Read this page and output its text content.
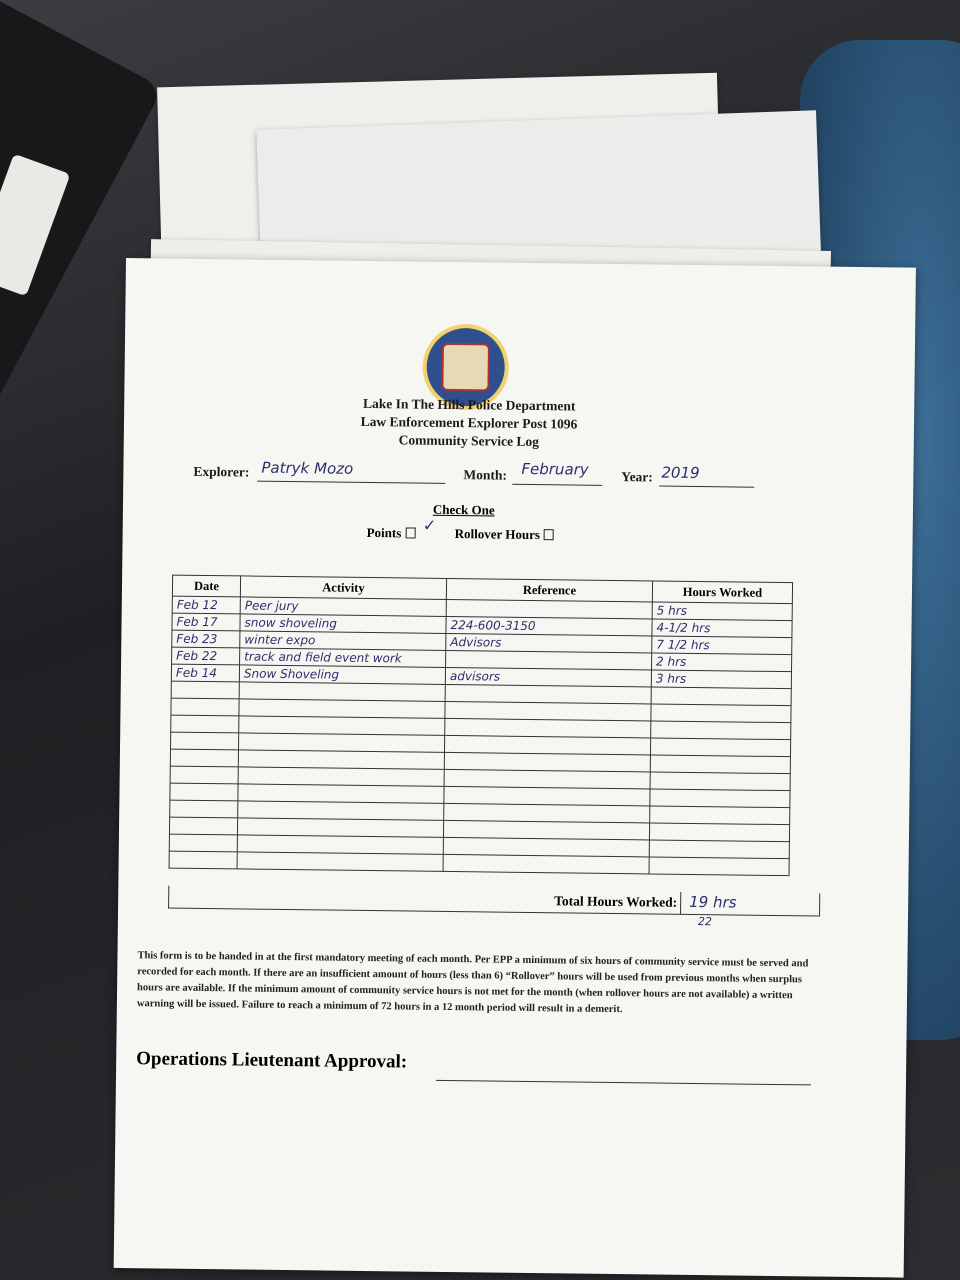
Lake In The Hills Police Department
Law Enforcement Explorer Post 1096
Community Service Log
Explorer: Patryk Mozo	Month: February Year: 2019
Check One
Points	✓ Rollover Hours
Date	Activity	Reference	Hours Worked
Feb 12	Peer jury		5 hrs
Feb 17	snow shoveling	224-600-3150	4-1/2 hrs
Feb 23	winter expo	Advisors	7 1/2 hrs
Feb 22	track and field event work		2 hrs
Feb 14	Snow Shoveling	advisors	3 hrs

Total Hours Worked: 19 hrs
22
This form is to be handed in at the first mandatory meeting of each month. Per EPP a minimum of six hours of community service must be served and recorded for each month. If there are an insufficient amount of hours (less than 6) “Rollover” hours will be used from previous months when surplus hours are available. If the minimum amount of community service hours is not met for the month (when rollover hours are not available) a written warning will be issued. Failure to reach a minimum of 72 hours in a 12 month period will result in a demerit.
Operations Lieutenant Approval:
